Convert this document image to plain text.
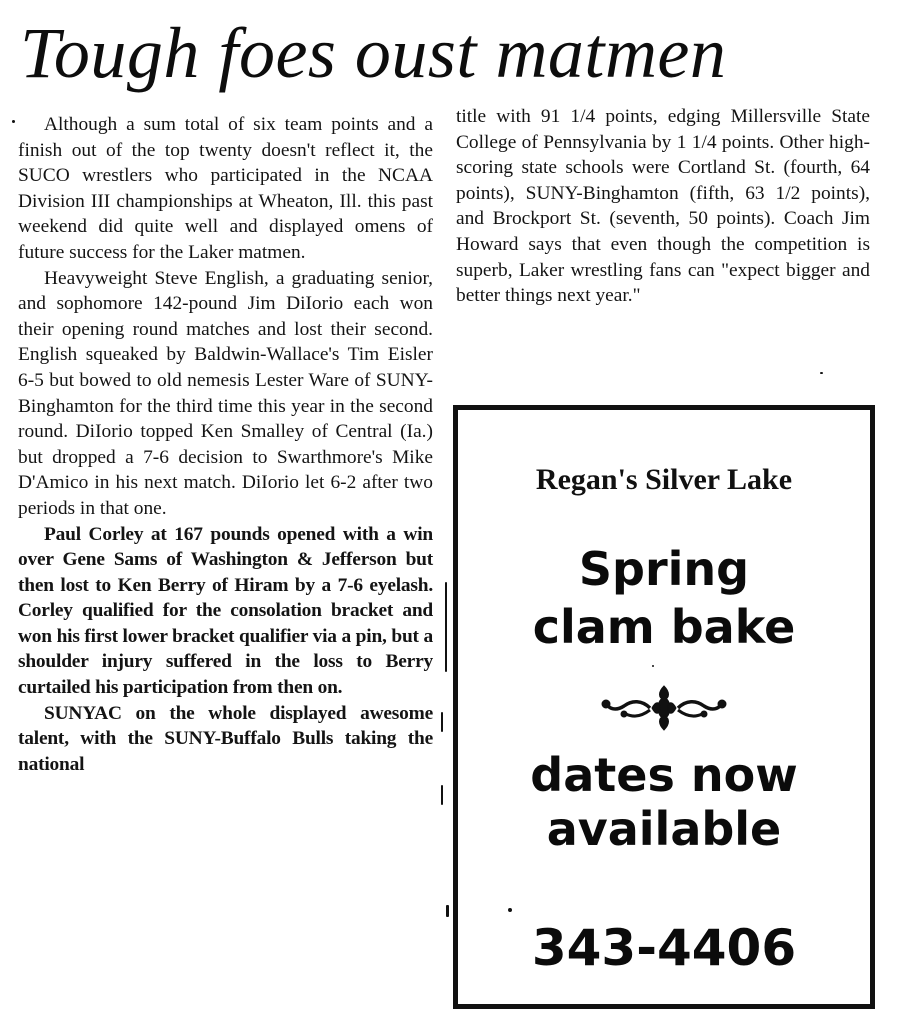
Tough foes oust matmen

Although a sum total of six team points and a finish out of the top twenty doesn't reflect it, the SUCO wrestlers who participated in the NCAA Division III championships at Wheaton, Ill. this past weekend did quite well and displayed omens of future success for the Laker matmen.

Heavyweight Steve English, a graduating senior, and sophomore 142-pound Jim DiIorio each won their opening round matches and lost their second. English squeaked by Baldwin-Wallace's Tim Eisler 6-5 but bowed to old nemesis Lester Ware of SUNY-Binghamton for the third time this year in the second round. DiIorio topped Ken Smalley of Central (Ia.) but dropped a 7-6 decision to Swarthmore's Mike D'Amico in his next match. DiIorio let 6-2 after two periods in that one.

Paul Corley at 167 pounds opened with a win over Gene Sams of Washington & Jefferson but then lost to Ken Berry of Hiram by a 7-6 eyelash. Corley qualified for the consolation bracket and won his first lower bracket qualifier via a pin, but a shoulder injury suffered in the loss to Berry curtailed his participation from then on.

SUNYAC on the whole displayed awesome talent, with the SUNY-Buffalo Bulls taking the national

title with 91 1/4 points, edging Millersville State College of Pennsylvania by 1 1/4 points. Other high-scoring state schools were Cortland St. (fourth, 64 points), SUNY-Binghamton (fifth, 63 1/2 points), and Brockport St. (seventh, 50 points). Coach Jim Howard says that even though the competition is superb, Laker wrestling fans can "expect bigger and better things next year."

Regan's Silver Lake
Spring
clam bake
dates now
available
343-4406
